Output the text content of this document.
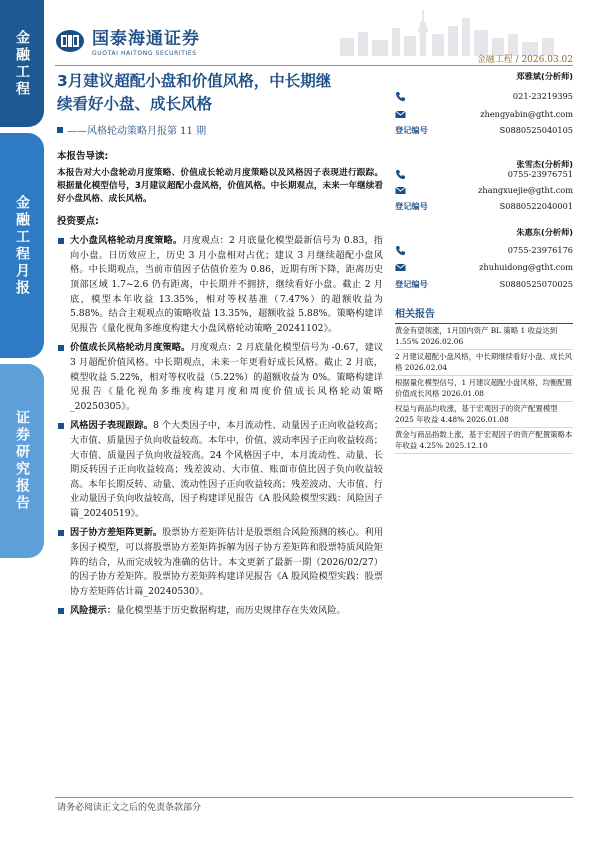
金融工程
金融工程月报
证券研究报告
国泰海通证券
GUOTAI HAITONG SECURITIES
金融工程 / 2026.03.02
3月建议超配小盘和价值风格，中长期继续看好小盘、成长风格
——风格轮动策略月报第 11 期
本报告导读:
本报告对大小盘轮动月度策略、价值成长轮动月度策略以及风格因子表现进行跟踪。根据量化模型信号，3月建议超配小盘风格，价值风格。中长期观点，未来一年继续看好小盘风格、成长风格。
投资要点:
大小盘风格轮动月度策略。月度观点：2 月底量化模型最新信号为 0.83，指向小盘。日历效应上，历史 3 月小盘相对占优；建议 3 月继续超配小盘风格。中长期观点，当前市值因子估值价差为 0.86，近期有所下降，距离历史顶部区域 1.7~2.6 仍有距离，中长期并不拥挤，继续看好小盘。截止 2 月底，模型本年收益 13.35%，相对等权基准（7.47%）的超额收益为 5.88%。结合主观观点的策略收益 13.35%，超额收益 5.88%。策略构建详见报告《量化视角多维度构建大小盘风格轮动策略_20241102》。
价值成长风格轮动月度策略。月度观点：2 月底量化模型信号为 -0.67，建议 3 月超配价值风格。中长期观点，未来一年更看好成长风格。截止 2 月底，模型收益 5.22%，相对等权收益（5.22%）的超额收益为 0%。策略构建详见报告《量化视角多维度构建月度和周度价值成长风格轮动策略_20250305》。
风格因子表现跟踪。8 个大类因子中，本月流动性、动量因子正向收益较高；大市值、质量因子负向收益较高。本年中，价值、波动率因子正向收益较高；大市值、质量因子负向收益较高。24 个风格因子中，本月流动性、动量、长期反转因子正向收益较高；残差波动、大市值、账面市值比因子负向收益较高。本年长期反转、动量、流动性因子正向收益较高；残差波动、大市值、行业动量因子负向收益较高，因子构建详见报告《A 股风险模型实践：风险因子篇_20240519》。
因子协方差矩阵更新。股票协方差矩阵估计是股票组合风险预测的核心。利用多因子模型，可以将股票协方差矩阵拆解为因子协方差矩阵和股票特质风险矩阵的结合，从而完成较为准确的估计。本文更新了最新一期（2026/02/27）的因子协方差矩阵。股票协方差矩阵构建详见报告《A 股风险模型实践：股票协方差矩阵估计篇_20240530》。
风险提示：量化模型基于历史数据构建，而历史规律存在失效风险。
郑雅斌(分析师)
021-23219395
zhengyabin@gtht.com
登记编号	S0880525040105
张雪杰(分析师)
0755-23976751
zhangxuejie@gtht.com
登记编号	S0880522040001
朱惠东(分析师)
0755-23976176
zhuhuidong@gtht.com
登记编号	S0880525070025
相关报告
黄金有望领涨，1月国内资产 BL 策略 1 收益达到 1.55% 2026.02.06
2 月建议超配小盘风格，中长期继续看好小盘、成长风格 2026.02.04
根据量化模型信号，1 月建议超配小盘风格，均衡配置价值成长风格 2026.01.08
权益与商品均收涨，基于宏观因子的资产配置模型 2025 年收益 4.48% 2026.01.08
黄金与商品指数上涨，基于宏观因子的资产配置策略本年收益 4.25% 2025.12.10
请务必阅读正文之后的免责条款部分
